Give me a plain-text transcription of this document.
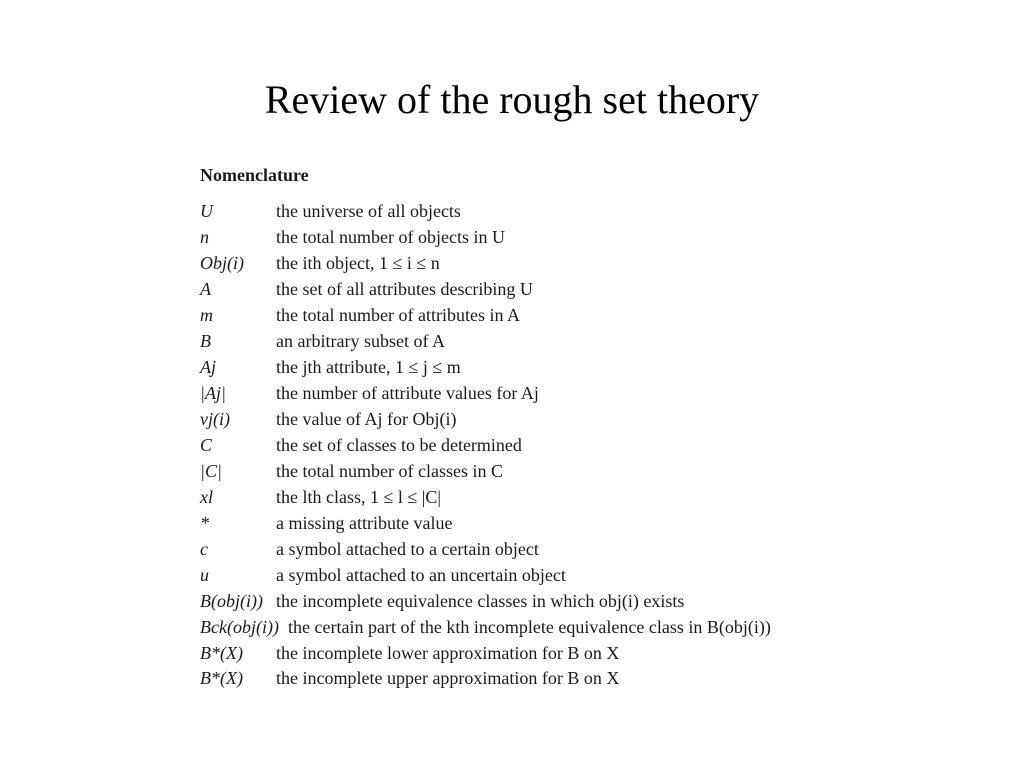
Review of the rough set theory
Nomenclature
U	the universe of all objects
n	the total number of objects in U
Obj(i) the ith object, 1 ≤ i ≤ n
A	the set of all attributes describing U
m	the total number of attributes in A
B	an arbitrary subset of A
Aj	the jth attribute, 1 ≤ j ≤ m
|Aj|	the number of attribute values for Aj
vj(i)	the value of Aj for Obj(i)
C	the set of classes to be determined
|C|	the total number of classes in C
xl	the lth class, 1 ≤ l ≤ |C|
*	a missing attribute value
c	a symbol attached to a certain object
u	a symbol attached to an uncertain object
B(obj(i)) the incomplete equivalence classes in which obj(i) exists
Bck(obj(i)) the certain part of the kth incomplete equivalence class in B(obj(i))
B*(X) the incomplete lower approximation for B on X
B*(X) the incomplete upper approximation for B on X
